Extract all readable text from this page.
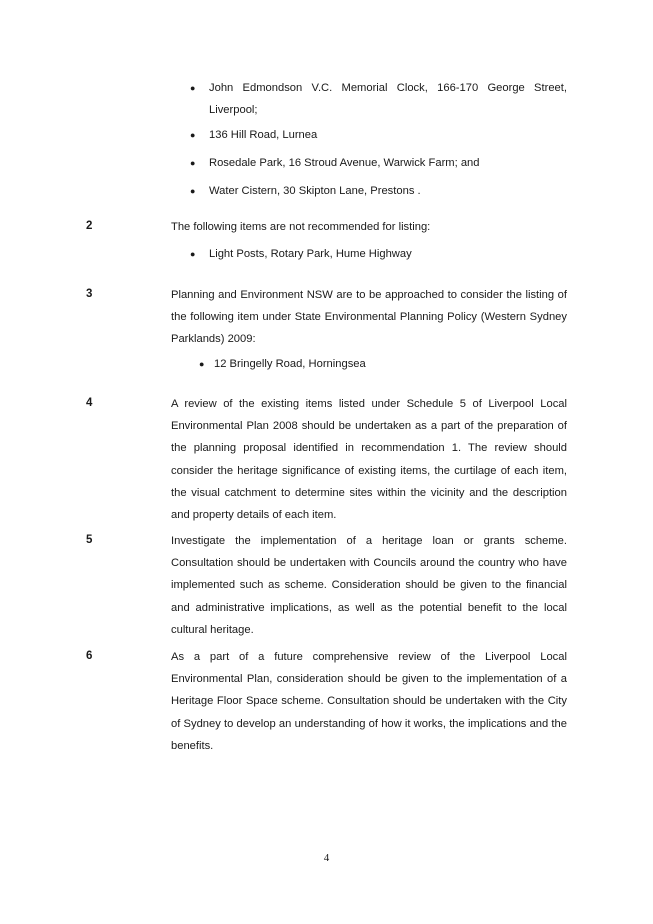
● John Edmondson V.C. Memorial Clock, 166-170 George Street, Liverpool;
● 136 Hill Road, Lurnea
● Rosedale Park, 16 Stroud Avenue, Warwick Farm; and
● Water Cistern, 30 Skipton Lane, Prestons .
2	The following items are not recommended for listing:

● Light Posts, Rotary Park, Hume Highway
3	Planning and Environment NSW are to be approached to consider the listing of the following item under State Environmental Planning Policy (Western Sydney Parklands) 2009:

● 12 Bringelly Road, Horningsea
4	A review of the existing items listed under Schedule 5 of Liverpool Local Environmental Plan 2008 should be undertaken as a part of the preparation of the planning proposal identified in recommendation 1. The review should consider the heritage significance of existing items, the curtilage of each item, the visual catchment to determine sites within the vicinity and the description and property details of each item.

5	Investigate the implementation of a heritage loan or grants scheme. Consultation should be undertaken with Councils around the country who have implemented such as scheme. Consideration should be given to the financial and administrative implications, as well as the potential benefit to the local cultural heritage.

6	As a part of a future comprehensive review of the Liverpool Local Environmental Plan, consideration should be given to the implementation of a Heritage Floor Space scheme. Consultation should be undertaken with the City of Sydney to develop an understanding of how it works, the implications and the benefits.

4
